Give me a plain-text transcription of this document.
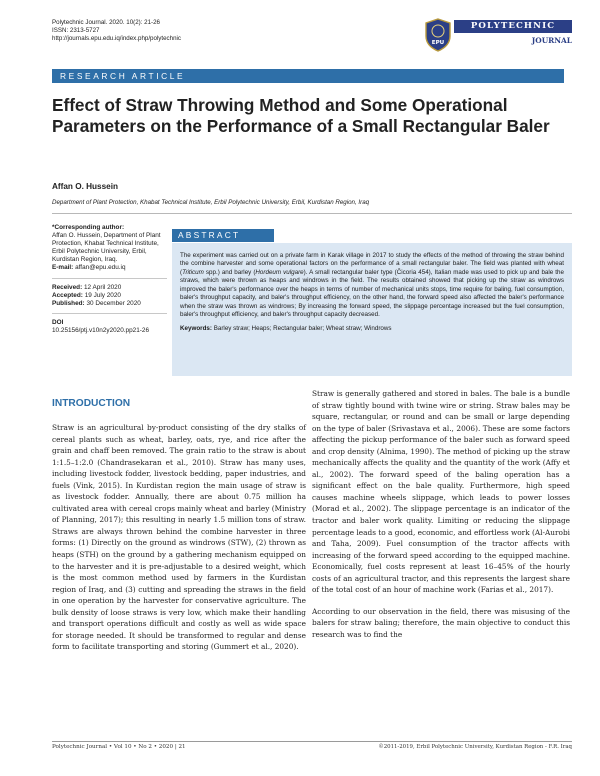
Polytechnic Journal. 2020. 10(2): 21-26
ISSN: 2313-5727
http://journals.epu.edu.iq/index.php/polytechnic
EPU
POLYTECHNIC
JOURNAL
RESEARCH ARTICLE
Effect of Straw Throwing Method and Some Operational Parameters on the Performance of a Small Rectangular Baler
Affan O. Hussein
Department of Plant Protection, Khabat Technical Institute, Erbil Polytechnic University, Erbil, Kurdistan Region, Iraq
*Corresponding author:
Affan O. Hussein, Department of Plant Protection, Khabat Technical Institute, Erbil Polytechnic University, Erbil, Kurdistan Region, Iraq.
E-mail: affan@epu.edu.iq
Received: 12 April 2020
Accepted: 19 July 2020
Published: 30 December 2020
DOI
10.25156/ptj.v10n2y2020.pp21-26
ABSTRACT

The experiment was carried out on a private farm in Karak village in 2017 to study the effects of the method of throwing the straw behind the combine harvester and some operational factors on the performance of a small rectangular baler. The field was planted with wheat (Triticum spp.) and barley (Hordeum vulgare). A small rectangular baler type (Čicoria 454), Italian made was used to pick up and bale the straws, which were thrown as heaps and windrows in the field. The results obtained showed that picking up the straw as windrows improved the baler's performance over the heaps in terms of number of mechanical units stops, time require for baling, fuel consumption, baler's throughput capacity, and baler's throughput efficiency, on the other hand, the forward speed also affected the baler's performance when the straw was thrown as windrows; By increasing the forward speed, the slippage percentage increased but the fuel consumption, baler's throughput efficiency, and baler's throughput capacity decreased.

Keywords: Barley straw; Heaps; Rectangular baler; Wheat straw; Windrows

INTRODUCTION

Straw is an agricultural by-product consisting of the dry stalks of cereal plants such as wheat, barley, oats, rye, and rice after the grain and chaff been removed. The grain ratio to the straw is about 1:1.5–1:2.0 (Chandrasekaran et al., 2010). Straw has many uses, including livestock fodder, livestock bedding, paper industries, and fuels (Vink, 2015). In Kurdistan region the main usage of straw is as livestock fodder. Annually, there are about 0.75 million ha cultivated area with cereal crops mainly wheat and barley (Ministry of Planning, 2017); this resulting in nearly 1.5 million tons of straw. Straws are always thrown behind the combine harvester in three forms: (1) Directly on the ground as windrows (STW), (2) thrown as heaps (STH) on the ground by a gathering mechanism equipped on to the harvester and it is pre-adjustable to a desired weight, which is the most common method used by farmers in the Kurdistan region of Iraq, and (3) cutting and spreading the straws in the field in one operation by the harvester for conservative agriculture. The bulk density of loose straws is very low, which make their handling and transport operations difficult and costly as well as wide space for storage needed. It should be transformed to regular and dense form to facilitate transporting and storing (Gummert et al., 2020).

Straw is generally gathered and stored in bales. The bale is a bundle of straw tightly bound with twine wire or string. Straw bales may be square, rectangular, or round and can be small or large depending on the type of baler (Srivastava et al., 2006). These are some factors affecting the pickup performance of the baler such as forward speed and crop density (Alnima, 1990). The method of picking up the straw mechanically affects the quality and the quantity of the work (Affy et al., 2002). The forward speed of the baling operation has a significant effect on the bale quality. Furthermore, high speed causes machine wheels slippage, which leads to power losses (Morad et al., 2002). The slippage percentage is an indicator of the tractor and baler work quality. Limiting or reducing the slippage percentage leads to a good, economic, and effortless work (Al-Aurobi and Taha, 2009). Fuel consumption of the tractor affects with increasing of the forward speed according to the equipped machine. Economically, fuel costs represent at least 16–45% of the hourly costs of an agricultural tractor, and this represents the largest share of the total cost of an hour of machine work (Farias et al., 2017).

According to our observation in the field, there was misusing of the balers for straw baling; therefore, the main objective to conduct this research was to find the

Polytechnic Journal • Vol 10 • No 2 • 2020 | 21	©2011-2019, Erbil Polytechnic University, Kurdistan Region - F.R. Iraq
